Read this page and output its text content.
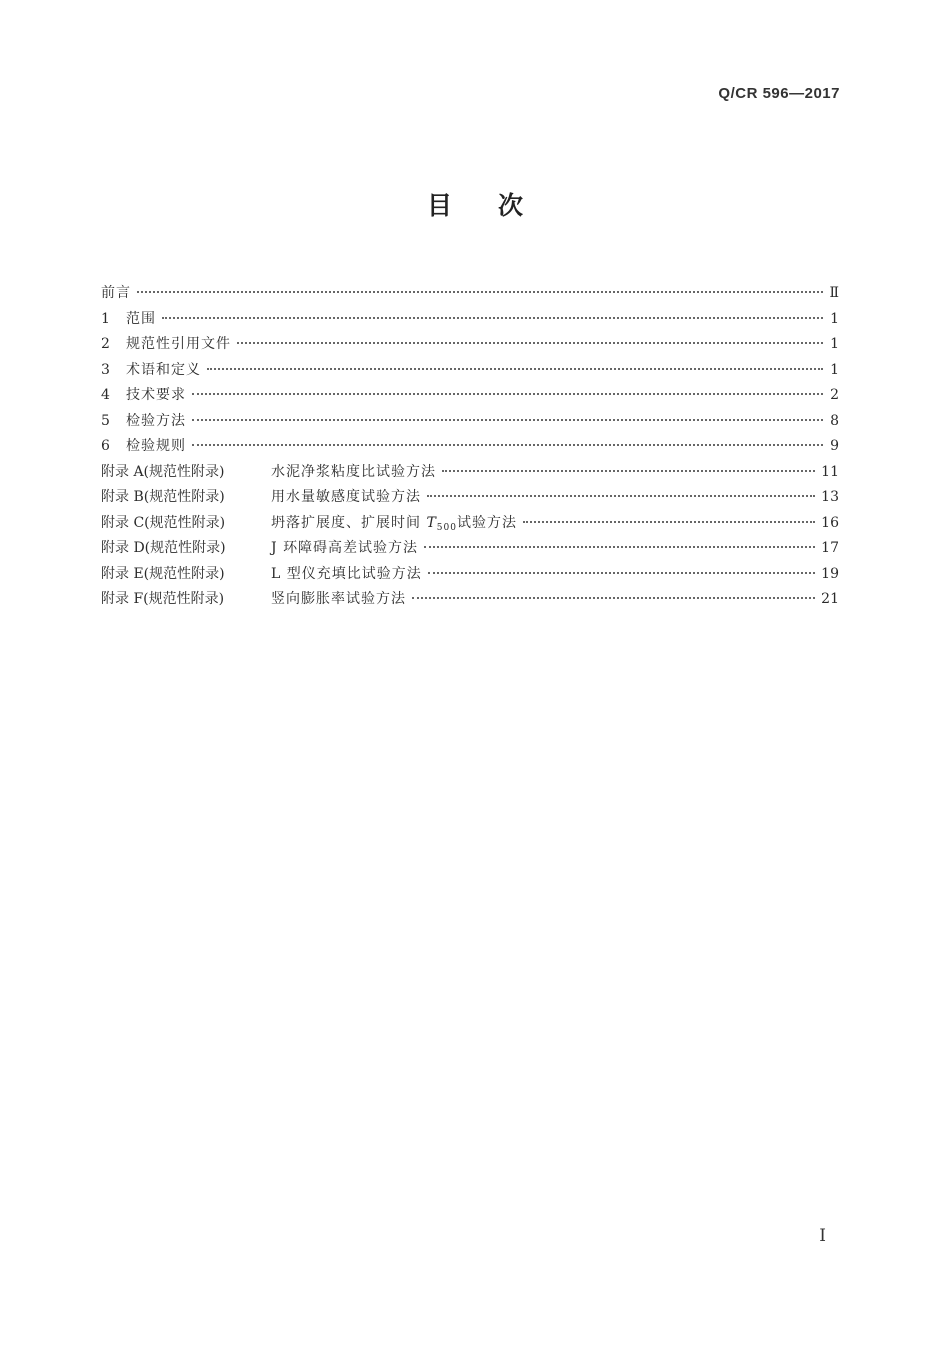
Q/CR 596—2017
目次
前言	Ⅱ
1	范围	1
2	规范性引用文件	1
3	术语和定义	1
4	技术要求	2
5	检验方法	8
6	检验规则	9
附录 A(规范性附录)	水泥净浆粘度比试验方法	11
附录 B(规范性附录)	用水量敏感度试验方法	13
附录 C(规范性附录)	坍落扩展度、扩展时间 $T_{500}$试验方法	16
附录 D(规范性附录)	J 环障碍高差试验方法	17
附录 E(规范性附录)	L 型仪充填比试验方法	19
附录 F(规范性附录)	竖向膨胀率试验方法	21
Ⅰ
